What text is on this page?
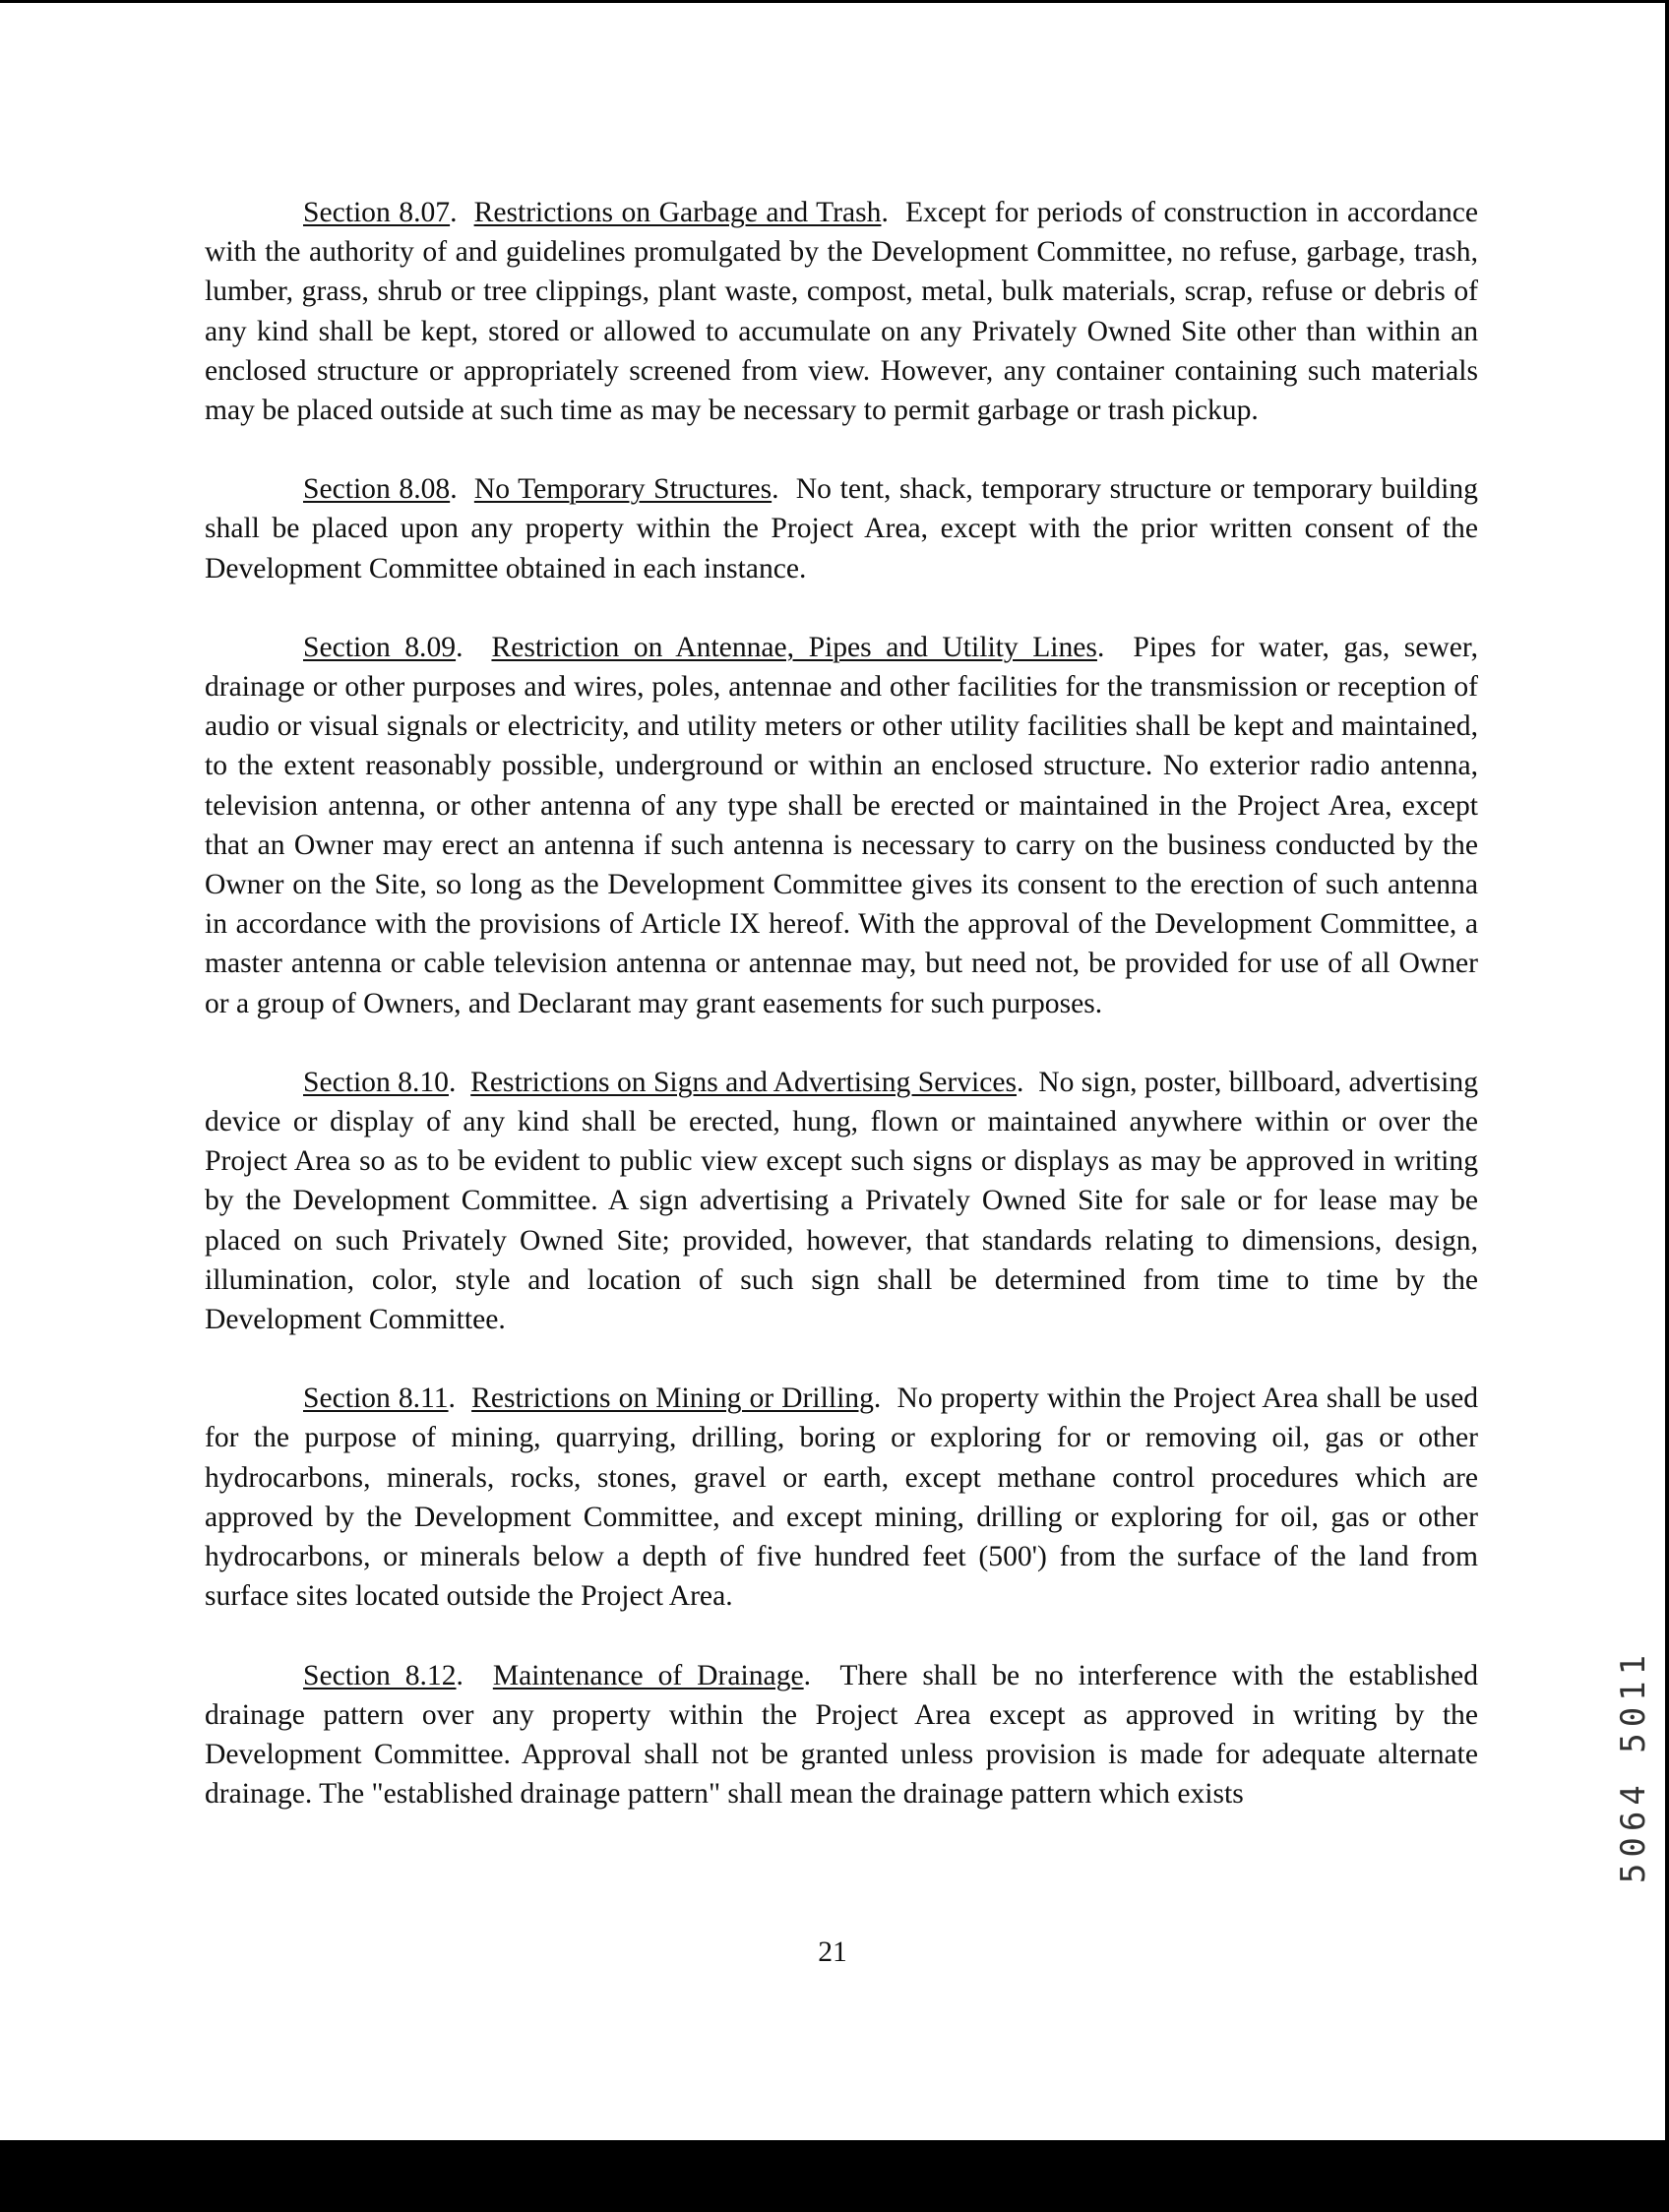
Section 8.07.  Restrictions on Garbage and Trash.  Except for periods of construction in accordance with the authority of and guidelines promulgated by the Development Committee, no refuse, garbage, trash, lumber, grass, shrub or tree clippings, plant waste, compost, metal, bulk materials, scrap, refuse or debris of any kind shall be kept, stored or allowed to accumulate on any Privately Owned Site other than within an enclosed structure or appropriately screened from view. However, any container containing such materials may be placed outside at such time as may be necessary to permit garbage or trash pickup.

Section 8.08.  No Temporary Structures.  No tent, shack, temporary structure or temporary building shall be placed upon any property within the Project Area, except with the prior written consent of the Development Committee obtained in each instance.

Section 8.09.  Restriction on Antennae, Pipes and Utility Lines.  Pipes for water, gas, sewer, drainage or other purposes and wires, poles, antennae and other facilities for the transmission or reception of audio or visual signals or electricity, and utility meters or other utility facilities shall be kept and maintained, to the extent reasonably possible, underground or within an enclosed structure. No exterior radio antenna, television antenna, or other antenna of any type shall be erected or maintained in the Project Area, except that an Owner may erect an antenna if such antenna is necessary to carry on the business conducted by the Owner on the Site, so long as the Development Committee gives its consent to the erection of such antenna in accordance with the provisions of Article IX hereof. With the approval of the Development Committee, a master antenna or cable television antenna or antennae may, but need not, be provided for use of all Owner or a group of Owners, and Declarant may grant easements for such purposes.

Section 8.10.  Restrictions on Signs and Advertising Services.  No sign, poster, billboard, advertising device or display of any kind shall be erected, hung, flown or maintained anywhere within or over the Project Area so as to be evident to public view except such signs or displays as may be approved in writing by the Development Committee. A sign advertising a Privately Owned Site for sale or for lease may be placed on such Privately Owned Site; provided, however, that standards relating to dimensions, design, illumination, color, style and location of such sign shall be determined from time to time by the Development Committee.

Section 8.11.  Restrictions on Mining or Drilling.  No property within the Project Area shall be used for the purpose of mining, quarrying, drilling, boring or exploring for or removing oil, gas or other hydrocarbons, minerals, rocks, stones, gravel or earth, except methane control procedures which are approved by the Development Committee, and except mining, drilling or exploring for oil, gas or other hydrocarbons, or minerals below a depth of five hundred feet (500') from the surface of the land from surface sites located outside the Project Area.

Section 8.12.  Maintenance of Drainage.  There shall be no interference with the established drainage pattern over any property within the Project Area except as approved in writing by the Development Committee. Approval shall not be granted unless provision is made for adequate alternate drainage. The "established drainage pattern" shall mean the drainage pattern which exists

21
5064 5011
